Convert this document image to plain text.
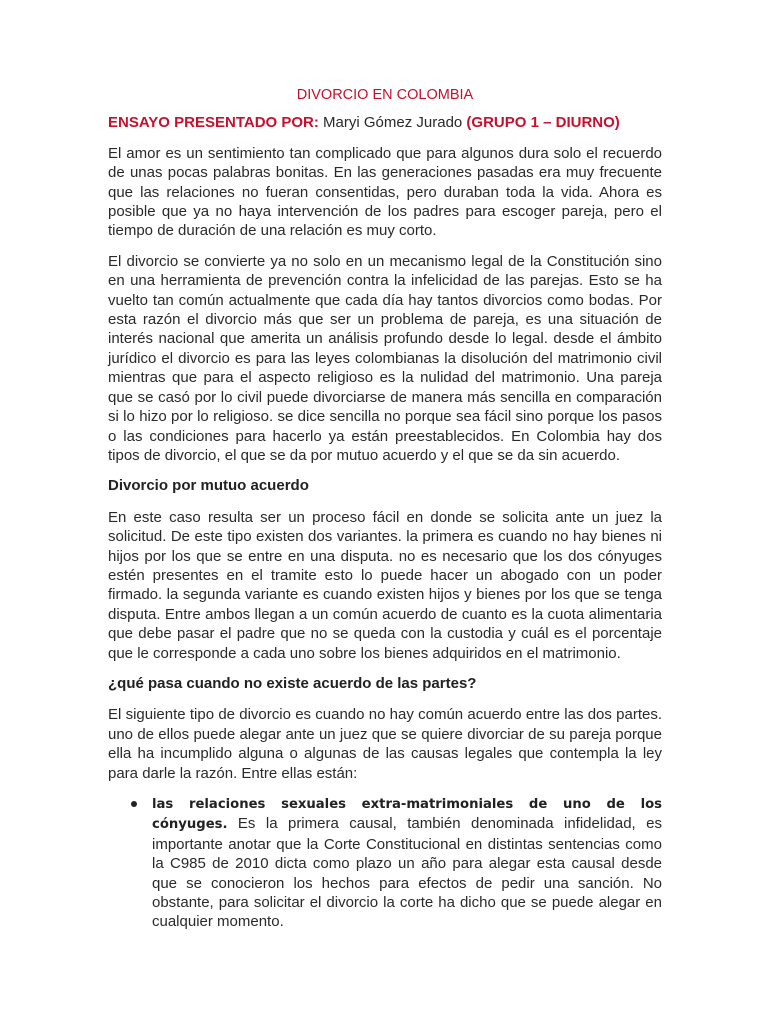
DIVORCIO EN COLOMBIA
ENSAYO PRESENTADO POR: Maryi Gómez Jurado (GRUPO 1 – DIURNO)

El amor es un sentimiento tan complicado que para algunos dura solo el recuerdo de unas pocas palabras bonitas. En las generaciones pasadas era muy frecuente que las relaciones no fueran consentidas, pero duraban toda la vida. Ahora es posible que ya no haya intervención de los padres para escoger pareja, pero el tiempo de duración de una relación es muy corto.

El divorcio se convierte ya no solo en un mecanismo legal de la Constitución sino en una herramienta de prevención contra la infelicidad de las parejas. Esto se ha vuelto tan común actualmente que cada día hay tantos divorcios como bodas. Por esta razón el divorcio más que ser un problema de pareja, es una situación de interés nacional que amerita un análisis profundo desde lo legal. desde el ámbito jurídico el divorcio es para las leyes colombianas la disolución del matrimonio civil mientras que para el aspecto religioso es la nulidad del matrimonio. Una pareja que se casó por lo civil puede divorciarse de manera más sencilla en comparación si lo hizo por lo religioso. se dice sencilla no porque sea fácil sino porque los pasos o las condiciones para hacerlo ya están preestablecidos. En Colombia hay dos tipos de divorcio, el que se da por mutuo acuerdo y el que se da sin acuerdo.

Divorcio por mutuo acuerdo

En este caso resulta ser un proceso fácil en donde se solicita ante un juez la solicitud. De este tipo existen dos variantes. la primera es cuando no hay bienes ni hijos por los que se entre en una disputa. no es necesario que los dos cónyuges estén presentes en el tramite esto lo puede hacer un abogado con un poder firmado. la segunda variante es cuando existen hijos y bienes por los que se tenga disputa. Entre ambos llegan a un común acuerdo de cuanto es la cuota alimentaria que debe pasar el padre que no se queda con la custodia y cuál es el porcentaje que le corresponde a cada uno sobre los bienes adquiridos en el matrimonio.

¿qué pasa cuando no existe acuerdo de las partes?

El siguiente tipo de divorcio es cuando no hay común acuerdo entre las dos partes. uno de ellos puede alegar ante un juez que se quiere divorciar de su pareja porque ella ha incumplido alguna o algunas de las causas legales que contempla la ley para darle la razón. Entre ellas están:

las relaciones sexuales extra-matrimoniales de uno de los cónyuges. Es la primera causal, también denominada infidelidad, es importante anotar que la Corte Constitucional en distintas sentencias como la C985 de 2010 dicta como plazo un año para alegar esta causal desde que se conocieron los hechos para efectos de pedir una sanción. No obstante, para solicitar el divorcio la corte ha dicho que se puede alegar en cualquier momento.
